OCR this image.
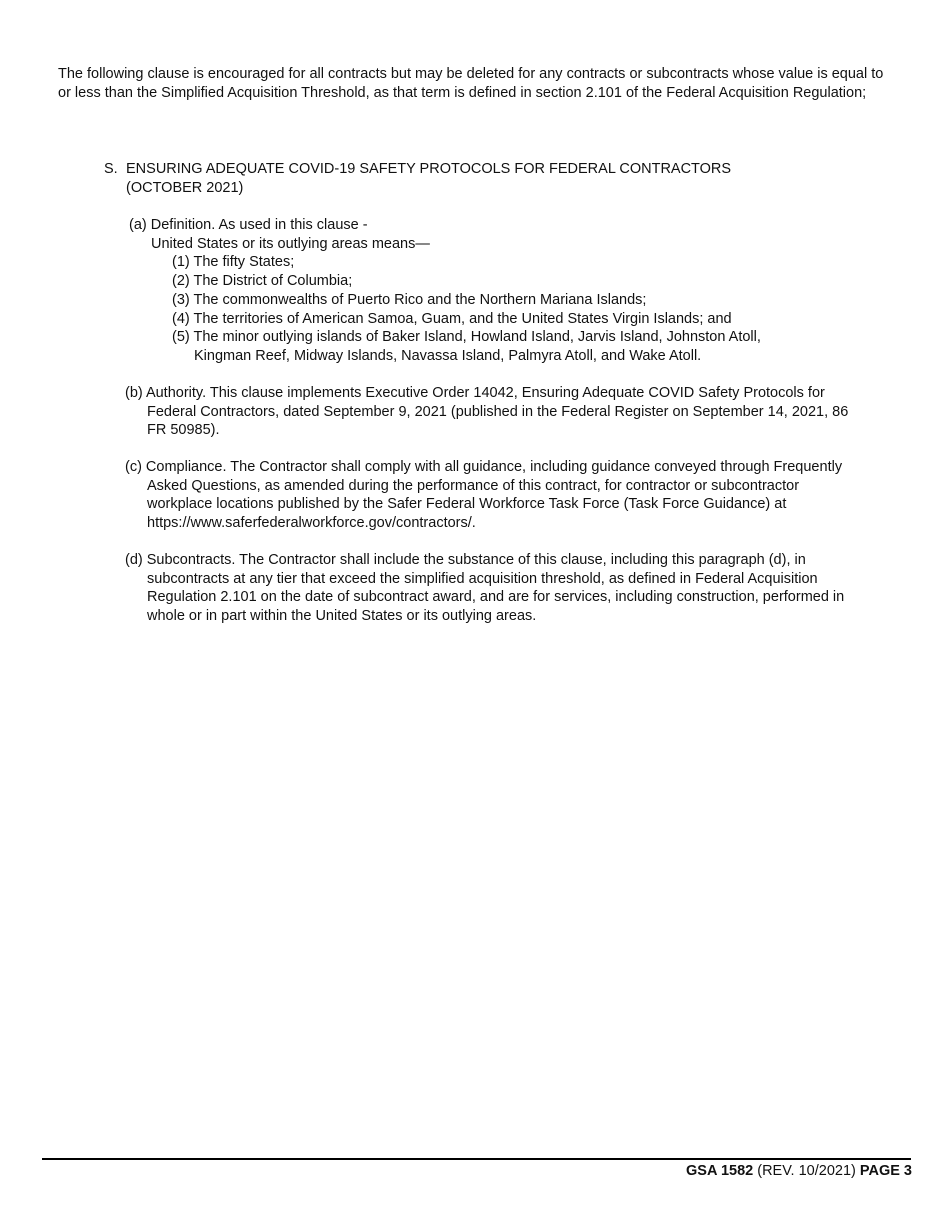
The following clause is encouraged for all contracts but may be deleted for any contracts or subcontracts whose value is equal to or less than the Simplified Acquisition Threshold, as that term is defined in section 2.101 of the Federal Acquisition Regulation;
S. ENSURING ADEQUATE COVID-19 SAFETY PROTOCOLS FOR FEDERAL CONTRACTORS
(OCTOBER 2021)
(a) Definition. As used in this clause -
United States or its outlying areas means—
(1) The fifty States;
(2) The District of Columbia;
(3) The commonwealths of Puerto Rico and the Northern Mariana Islands;
(4) The territories of American Samoa, Guam, and the United States Virgin Islands; and
(5) The minor outlying islands of Baker Island, Howland Island, Jarvis Island, Johnston Atoll, Kingman Reef, Midway Islands, Navassa Island, Palmyra Atoll, and Wake Atoll.
(b) Authority. This clause implements Executive Order 14042, Ensuring Adequate COVID Safety Protocols for Federal Contractors, dated September 9, 2021 (published in the Federal Register on September 14, 2021, 86 FR 50985).
(c) Compliance. The Contractor shall comply with all guidance, including guidance conveyed through Frequently Asked Questions, as amended during the performance of this contract, for contractor or subcontractor workplace locations published by the Safer Federal Workforce Task Force (Task Force Guidance) at https://www.saferfederalworkforce.gov/contractors/.
(d) Subcontracts. The Contractor shall include the substance of this clause, including this paragraph (d), in subcontracts at any tier that exceed the simplified acquisition threshold, as defined in Federal Acquisition Regulation 2.101 on the date of subcontract award, and are for services, including construction, performed in whole or in part within the United States or its outlying areas.
GSA 1582 (REV. 10/2021) PAGE 3
